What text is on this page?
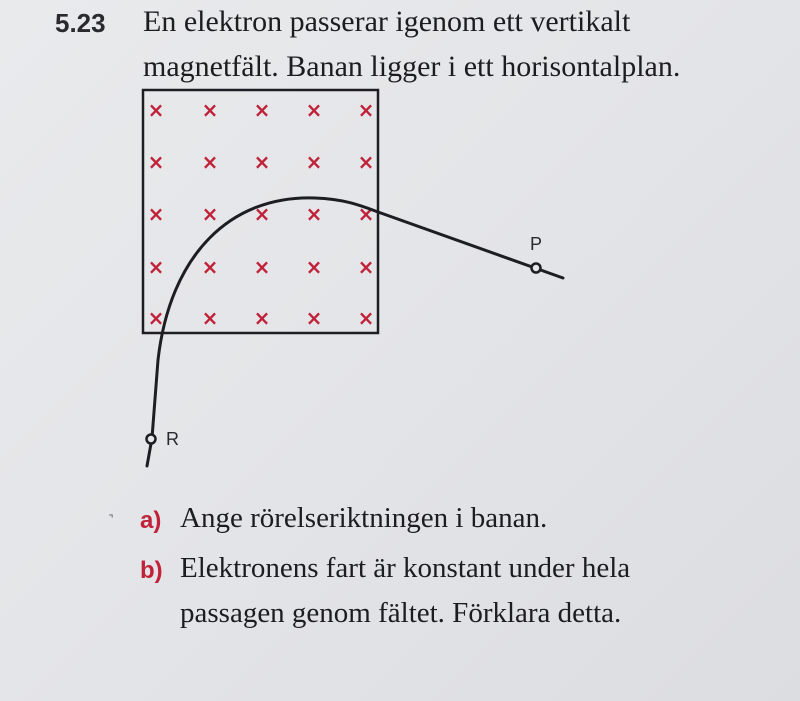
5.23 En elektron passerar igenom ett vertikalt
magnetfält. Banan ligger i ett horisontalplan.
× × × × ×
× × × × ×
× × × × ×
× × × × ×
× × × × ×
R
P
˺ a) Ange rörelseriktningen i banan.
b) Elektronens fart är konstant under hela
passagen genom fältet. Förklara detta.
